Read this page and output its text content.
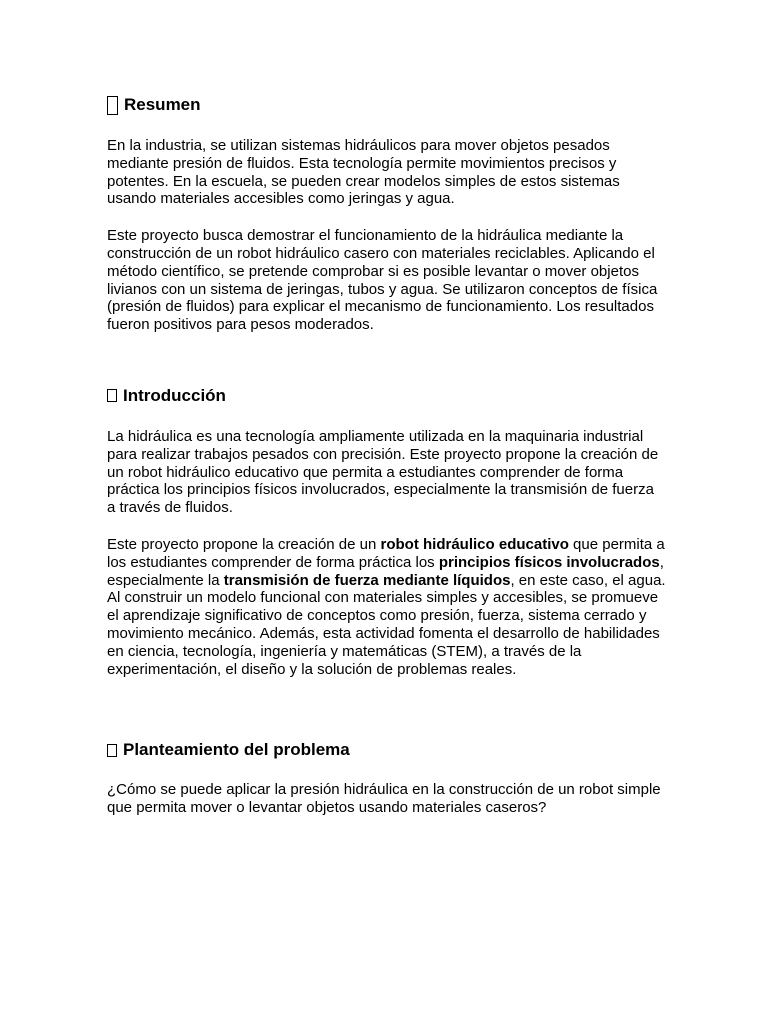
Resumen

En la industria, se utilizan sistemas hidráulicos para mover objetos pesados mediante presión de fluidos. Esta tecnología permite movimientos precisos y potentes. En la escuela, se pueden crear modelos simples de estos sistemas usando materiales accesibles como jeringas y agua.

Este proyecto busca demostrar el funcionamiento de la hidráulica mediante la construcción de un robot hidráulico casero con materiales reciclables. Aplicando el método científico, se pretende comprobar si es posible levantar o mover objetos livianos con un sistema de jeringas, tubos y agua. Se utilizaron conceptos de física (presión de fluidos) para explicar el mecanismo de funcionamiento. Los resultados fueron positivos para pesos moderados.

Introducción

La hidráulica es una tecnología ampliamente utilizada en la maquinaria industrial para realizar trabajos pesados con precisión. Este proyecto propone la creación de un robot hidráulico educativo que permita a estudiantes comprender de forma práctica los principios físicos involucrados, especialmente la transmisión de fuerza a través de fluidos.

Este proyecto propone la creación de un robot hidráulico educativo que permita a los estudiantes comprender de forma práctica los principios físicos involucrados, especialmente la transmisión de fuerza mediante líquidos, en este caso, el agua. Al construir un modelo funcional con materiales simples y accesibles, se promueve el aprendizaje significativo de conceptos como presión, fuerza, sistema cerrado y movimiento mecánico. Además, esta actividad fomenta el desarrollo de habilidades en ciencia, tecnología, ingeniería y matemáticas (STEM), a través de la experimentación, el diseño y la solución de problemas reales.

Planteamiento del problema

¿Cómo se puede aplicar la presión hidráulica en la construcción de un robot simple que permita mover o levantar objetos usando materiales caseros?
